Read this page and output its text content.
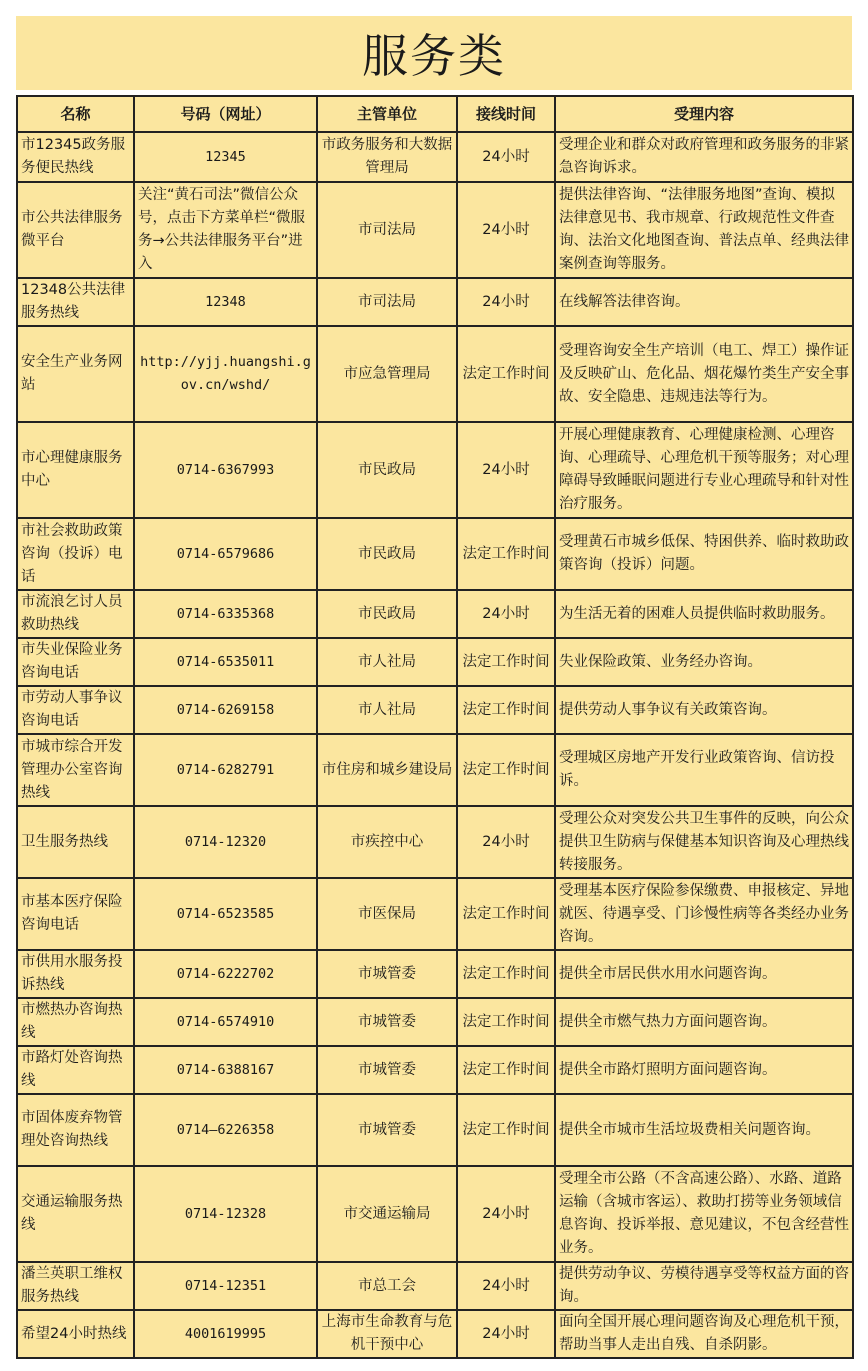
服务类
名称	号码（网址）	主管单位	接线时间	受理内容
市12345政务服务便民热线	12345	市政务服务和大数据管理局	24小时	受理企业和群众对政府管理和政务服务的非紧急咨询诉求。
市公共法律服务微平台	关注“黄石司法”微信公众号，点击下方菜单栏“微服务→公共法律服务平台”进入	市司法局	24小时	提供法律咨询、“法律服务地图”查询、模拟法律意见书、我市规章、行政规范性文件查询、法治文化地图查询、普法点单、经典法律案例查询等服务。
12348公共法律服务热线	12348	市司法局	24小时	在线解答法律咨询。
安全生产业务网站	http://yjj.huangshi.gov.cn/wshd/	市应急管理局	法定工作时间	受理咨询安全生产培训（电工、焊工）操作证及反映矿山、危化品、烟花爆竹类生产安全事故、安全隐患、违规违法等行为。
市心理健康服务中心	0714-6367993	市民政局	24小时	开展心理健康教育、心理健康检测、心理咨询、心理疏导、心理危机干预等服务；对心理障碍导致睡眠问题进行专业心理疏导和针对性治疗服务。
市社会救助政策咨询（投诉）电话	0714-6579686	市民政局	法定工作时间	受理黄石市城乡低保、特困供养、临时救助政策咨询（投诉）问题。
市流浪乞讨人员救助热线	0714-6335368	市民政局	24小时	为生活无着的困难人员提供临时救助服务。
市失业保险业务咨询电话	0714-6535011	市人社局	法定工作时间	失业保险政策、业务经办咨询。
市劳动人事争议咨询电话	0714-6269158	市人社局	法定工作时间	提供劳动人事争议有关政策咨询。
市城市综合开发管理办公室咨询热线	0714-6282791	市住房和城乡建设局	法定工作时间	受理城区房地产开发行业政策咨询、信访投诉。
卫生服务热线	0714-12320	市疾控中心	24小时	受理公众对突发公共卫生事件的反映，向公众提供卫生防病与保健基本知识咨询及心理热线转接服务。
市基本医疗保险咨询电话	0714-6523585	市医保局	法定工作时间	受理基本医疗保险参保缴费、申报核定、异地就医、待遇享受、门诊慢性病等各类经办业务咨询。
市供用水服务投诉热线	0714-6222702	市城管委	法定工作时间	提供全市居民供水用水问题咨询。
市燃热办咨询热线	0714-6574910	市城管委	法定工作时间	提供全市燃气热力方面问题咨询。
市路灯处咨询热线	0714-6388167	市城管委	法定工作时间	提供全市路灯照明方面问题咨询。
市固体废弃物管理处咨询热线	0714—6226358	市城管委	法定工作时间	提供全市城市生活垃圾费相关问题咨询。
交通运输服务热线	0714-12328	市交通运输局	24小时	受理全市公路（不含高速公路）、水路、道路运输（含城市客运）、救助打捞等业务领域信息咨询、投诉举报、意见建议，不包含经营性业务。
潘兰英职工维权服务热线	0714-12351	市总工会	24小时	提供劳动争议、劳模待遇享受等权益方面的咨询。
希望24小时热线	4001619995	上海市生命教育与危机干预中心	24小时	面向全国开展心理问题咨询及心理危机干预，帮助当事人走出自残、自杀阴影。
